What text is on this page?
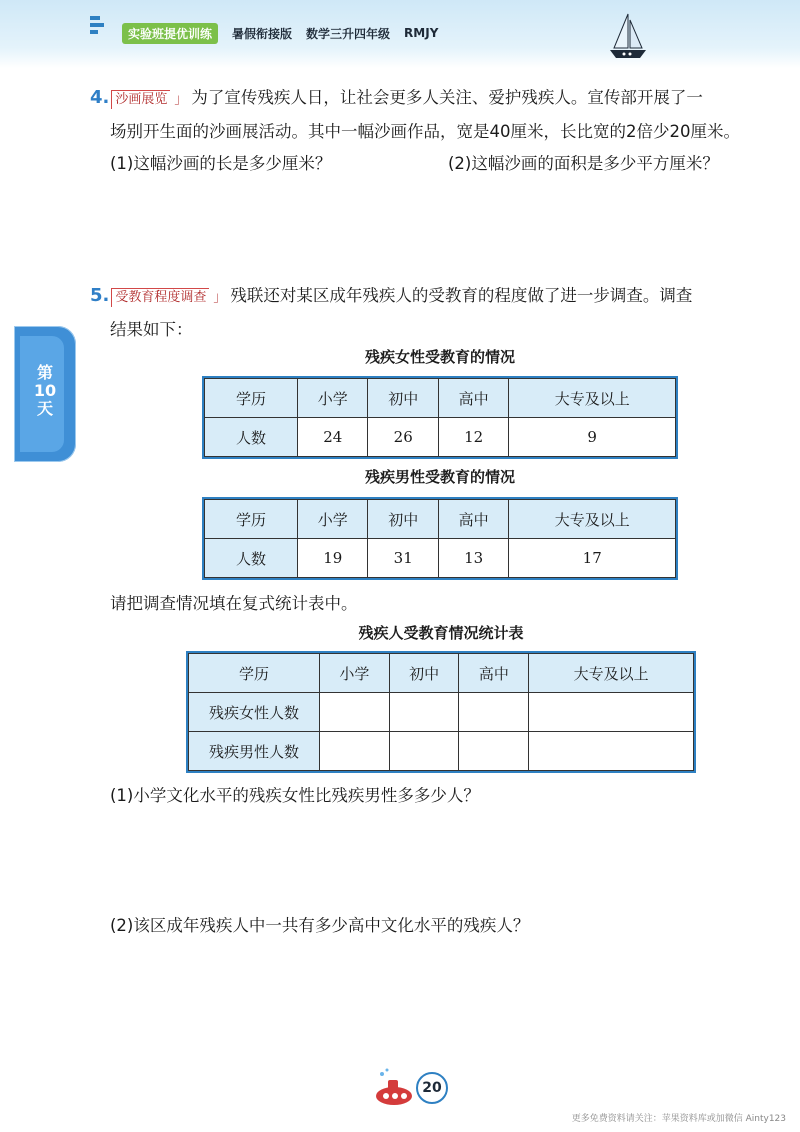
实验班提优训练	暑假衔接版 数学三升四年级 RMJY
4. 沙画展览 」 为了宣传残疾人日，让社会更多人关注、爱护残疾人。宣传部开展了一
场别开生面的沙画展活动。其中一幅沙画作品，宽是40厘米，长比宽的2倍少20厘米。
(1)这幅沙画的长是多少厘米？	(2)这幅沙画的面积是多少平方厘米？
5. 受教育程度调查 」 残联还对某区成年残疾人的受教育的程度做了进一步调查。调查
结果如下：
残疾女性受教育的情况
学历	小学	初中	高中	大专及以上
人数	24	26	12	9
残疾男性受教育的情况
学历	小学	初中	高中	大专及以上
人数	19	31	13	17
请把调查情况填在复式统计表中。
残疾人受教育情况统计表
学历	小学	初中	高中	大专及以上
残疾女性人数				
残疾男性人数				
(1)小学文化水平的残疾女性比残疾男性多多少人？
(2)该区成年残疾人中一共有多少高中文化水平的残疾人？
第
10
天
20
更多免费资料请关注：苹果资料库或加微信 Ainty123
